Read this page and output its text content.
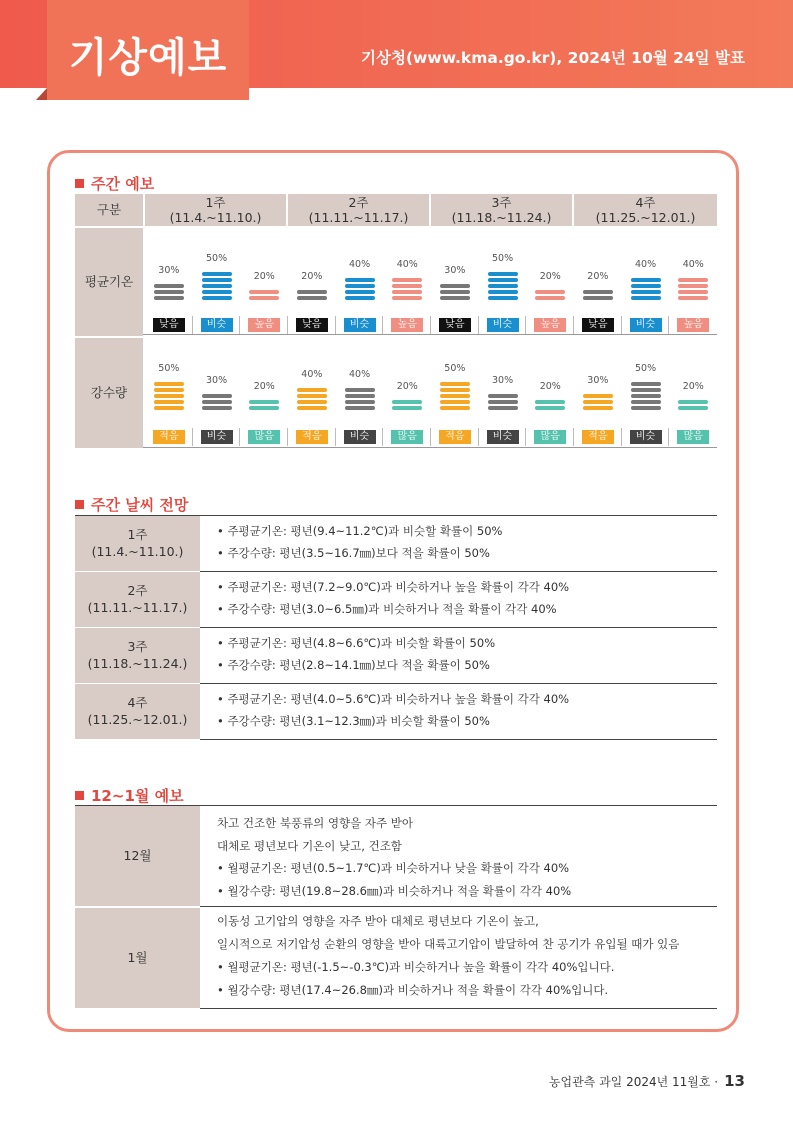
기상예보	기상청(www.kma.go.kr), 2024년 10월 24일 발표
주간 예보
구분	1주
(11.4.~11.10.)
2주
(11.11.~11.17.)
3주
(11.18.~11.24.)
4주
(11.25.~12.01.)
평균기온
강수량
30%
낮음
50%
비슷
20%
높음
20%
낮음
40%
비슷
40%
높음
30%
낮음
50%
비슷
20%
높음
20%
낮음
40%
비슷
40%
높음
50%
적음
30%
비슷
20%
많음
40%
적음
40%
비슷
20%
많음
50%
적음
30%
비슷
20%
많음
30%
적음
50%
비슷
20%
많음
주간 날씨 전망
1주
(11.4.~11.10.)
• 주평균기온: 평년(9.4~11.2℃)과 비슷할 확률이 50%
• 주강수량: 평년(3.5~16.7㎜)보다 적을 확률이 50%
2주
(11.11.~11.17.)
• 주평균기온: 평년(7.2~9.0℃)과 비슷하거나 높을 확률이 각각 40%
• 주강수량: 평년(3.0~6.5㎜)과 비슷하거나 적을 확률이 각각 40%
3주
(11.18.~11.24.)
• 주평균기온: 평년(4.8~6.6℃)과 비슷할 확률이 50%
• 주강수량: 평년(2.8~14.1㎜)보다 적을 확률이 50%
4주
(11.25.~12.01.)
• 주평균기온: 평년(4.0~5.6℃)과 비슷하거나 높을 확률이 각각 40%
• 주강수량: 평년(3.1~12.3㎜)과 비슷할 확률이 50%
12~1월 예보
12월
차고 건조한 북풍류의 영향을 자주 받아
대체로 평년보다 기온이 낮고, 건조함
• 월평균기온: 평년(0.5~1.7℃)과 비슷하거나 낮을 확률이 각각 40%
• 월강수량: 평년(19.8~28.6㎜)과 비슷하거나 적을 확률이 각각 40%
1월
이동성 고기압의 영향을 자주 받아 대체로 평년보다 기온이 높고,
일시적으로 저기압성 순환의 영향을 받아 대륙고기압이 발달하여 찬 공기가 유입될 때가 있음
• 월평균기온: 평년(-1.5~-0.3℃)과 비슷하거나 높을 확률이 각각 40%입니다.
• 월강수량: 평년(17.4~26.8㎜)과 비슷하거나 적을 확률이 각각 40%입니다.
농업관측 과일 2024년 11월호 · 13
